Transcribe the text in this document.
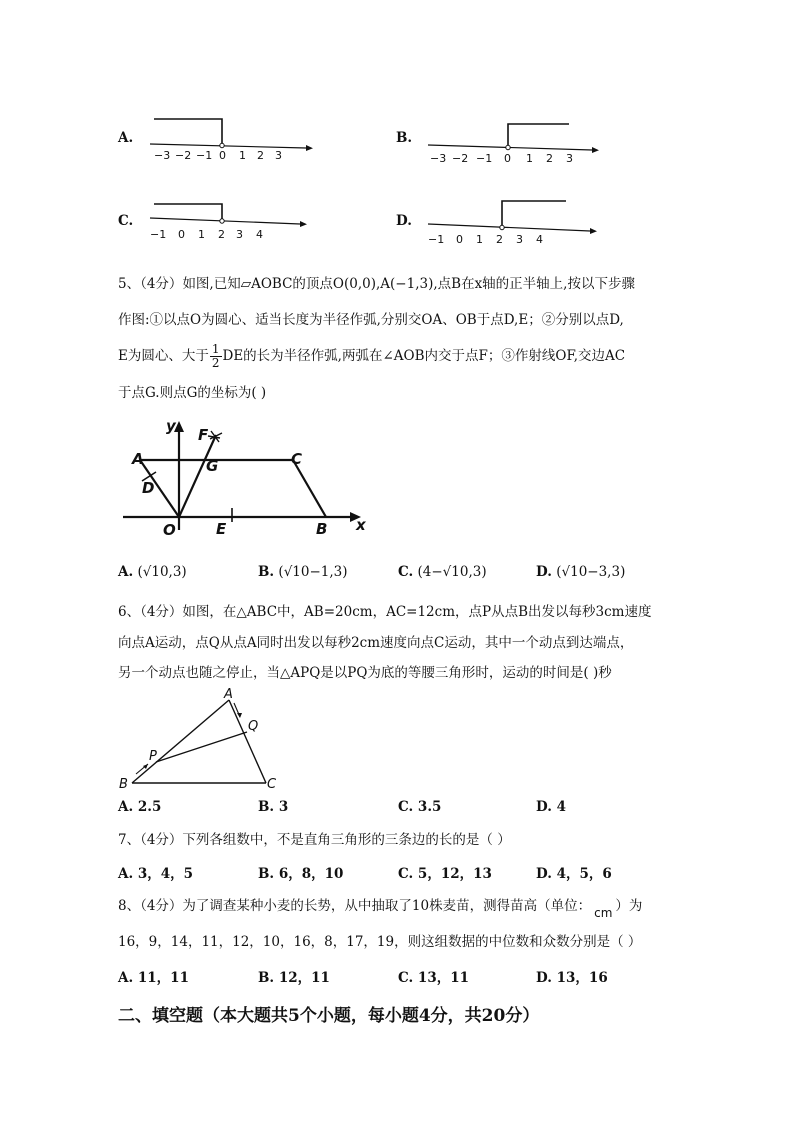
A.
−3 −2 −1 0 1 2 3
B.
−3 −2 −1 0 1 2 3
C.
−1 0 1 2 3 4
D.
−1 0 1 2 3 4
5、（4分）如图,已知▱AOBC的顶点O(0,0),A(−1,3),点B在x轴的正半轴上,按以下步骤
作图:①以点O为圆心、适当长度为半径作弧,分别交OA、OB于点D,E；②分别以点D,
E为圆心、大于 $\frac{1}{2}$ DE的长为半径作弧,两弧在∠AOB内交于点F；③作射线OF,交边AC
于点G.则点G的坐标为( )
y
x
A	C
D
G
F
O	E	B
A. (√10,3)	B. (√10−1,3)	C. (4−√10,3)	D. (√10−3,3)
6、（4分）如图，在△ABC中，AB=20cm，AC=12cm，点P从点B出发以每秒3cm速度
向点A运动，点Q从点A同时出发以每秒2cm速度向点C运动，其中一个动点到达端点，
另一个动点也随之停止，当△APQ是以PQ为底的等腰三角形时，运动的时间是( )秒
A
Q
P
B	C
A. 2.5	B. 3	C. 3.5	D. 4
7、（4分）下列各组数中，不是直角三角形的三条边的长的是（ ）
A. 3，4，5	B. 6，8，10	C. 5，12，13	D. 4，5，6
8、（4分）为了调查某种小麦的长势，从中抽取了10株麦苗，测得苗高（单位： cm ）为
16，9，14，11，12，10，16，8，17，19，则这组数据的中位数和众数分别是（ ）
A. 11，11	B. 12，11	C. 13，11	D. 13，16
二、填空题（本大题共5个小题，每小题4分，共20分）
